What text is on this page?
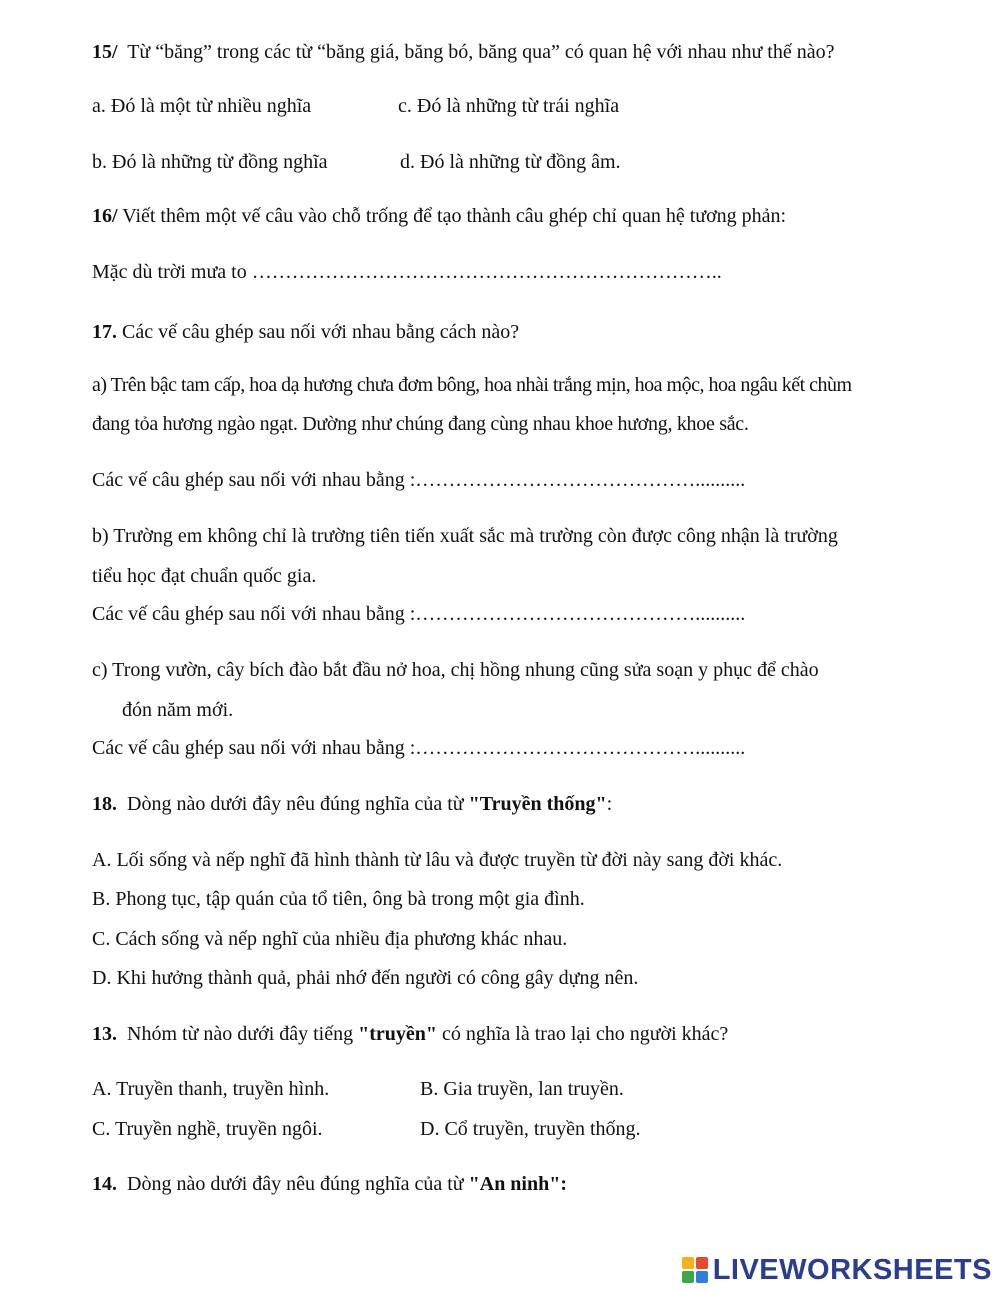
15/ Từ “băng” trong các từ “băng giá, băng bó, băng qua” có quan hệ với nhau như thế nào?
a. Đó là một từ nhiều nghĩa	c. Đó là những từ trái nghĩa
b. Đó là những từ đồng nghĩa	d. Đó là những từ đồng âm.
16/ Viết thêm một vế câu vào chỗ trống để tạo thành câu ghép chỉ quan hệ tương phản:
Mặc dù trời mưa to ……………………………………………………………..
17. Các vế câu ghép sau nối với nhau bằng cách nào?
a) Trên bậc tam cấp, hoa dạ hương chưa đơm bông, hoa nhài trắng mịn, hoa mộc, hoa ngâu kết chùm
đang tỏa hương ngào ngạt. Dường như chúng đang cùng nhau khoe hương, khoe sắc.
Các vế câu ghép sau nối với nhau bằng :……………………………………..........
b) Trường em không chỉ là trường tiên tiến xuất sắc mà trường còn được công nhận là trường
tiểu học đạt chuẩn quốc gia.
Các vế câu ghép sau nối với nhau bằng :……………………………………..........
c) Trong vườn, cây bích đào bắt đầu nở hoa, chị hồng nhung cũng sửa soạn y phục để chào
đón năm mới.
Các vế câu ghép sau nối với nhau bằng :……………………………………..........
18. Dòng nào dưới đây nêu đúng nghĩa của từ "Truyền thống":
A. Lối sống và nếp nghĩ đã hình thành từ lâu và được truyền từ đời này sang đời khác.
B. Phong tục, tập quán của tổ tiên, ông bà trong một gia đình.
C. Cách sống và nếp nghĩ của nhiều địa phương khác nhau.
D. Khi hưởng thành quả, phải nhớ đến người có công gây dựng nên.
13. Nhóm từ nào dưới đây tiếng "truyền" có nghĩa là trao lại cho người khác?
A. Truyền thanh, truyền hình.	B. Gia truyền, lan truyền.
C. Truyền nghề, truyền ngôi.	D. Cổ truyền, truyền thống.
14. Dòng nào dưới đây nêu đúng nghĩa của từ "An ninh":
LIVEWORKSHEETS
